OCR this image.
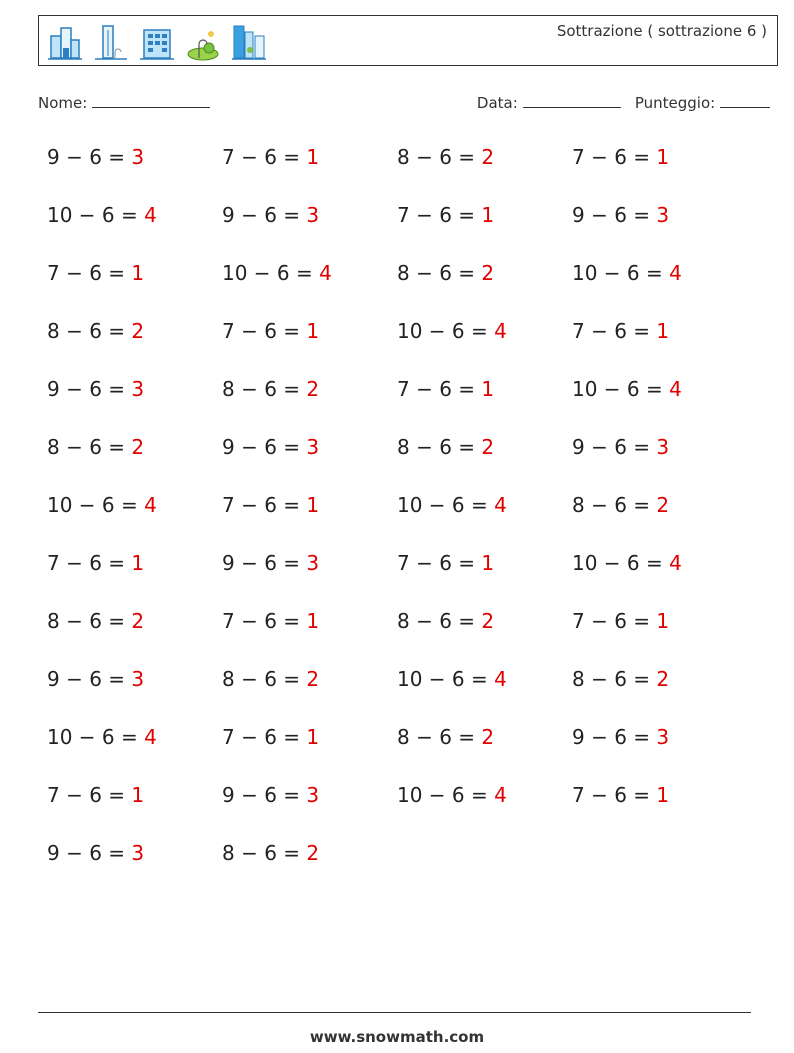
Sottrazione ( sottrazione 6 )
Nome:	Data:	Punteggio:
9 − 6 = 3	7 − 6 = 1	8 − 6 = 2	7 − 6 = 1
10 − 6 = 4	9 − 6 = 3	7 − 6 = 1	9 − 6 = 3
7 − 6 = 1	10 − 6 = 4	8 − 6 = 2	10 − 6 = 4
8 − 6 = 2	7 − 6 = 1	10 − 6 = 4	7 − 6 = 1
9 − 6 = 3	8 − 6 = 2	7 − 6 = 1	10 − 6 = 4
8 − 6 = 2	9 − 6 = 3	8 − 6 = 2	9 − 6 = 3
10 − 6 = 4	7 − 6 = 1	10 − 6 = 4	8 − 6 = 2
7 − 6 = 1	9 − 6 = 3	7 − 6 = 1	10 − 6 = 4
8 − 6 = 2	7 − 6 = 1	8 − 6 = 2	7 − 6 = 1
9 − 6 = 3	8 − 6 = 2	10 − 6 = 4	8 − 6 = 2
10 − 6 = 4	7 − 6 = 1	8 − 6 = 2	9 − 6 = 3
7 − 6 = 1	9 − 6 = 3	10 − 6 = 4	7 − 6 = 1
9 − 6 = 3	8 − 6 = 2
www.snowmath.com
